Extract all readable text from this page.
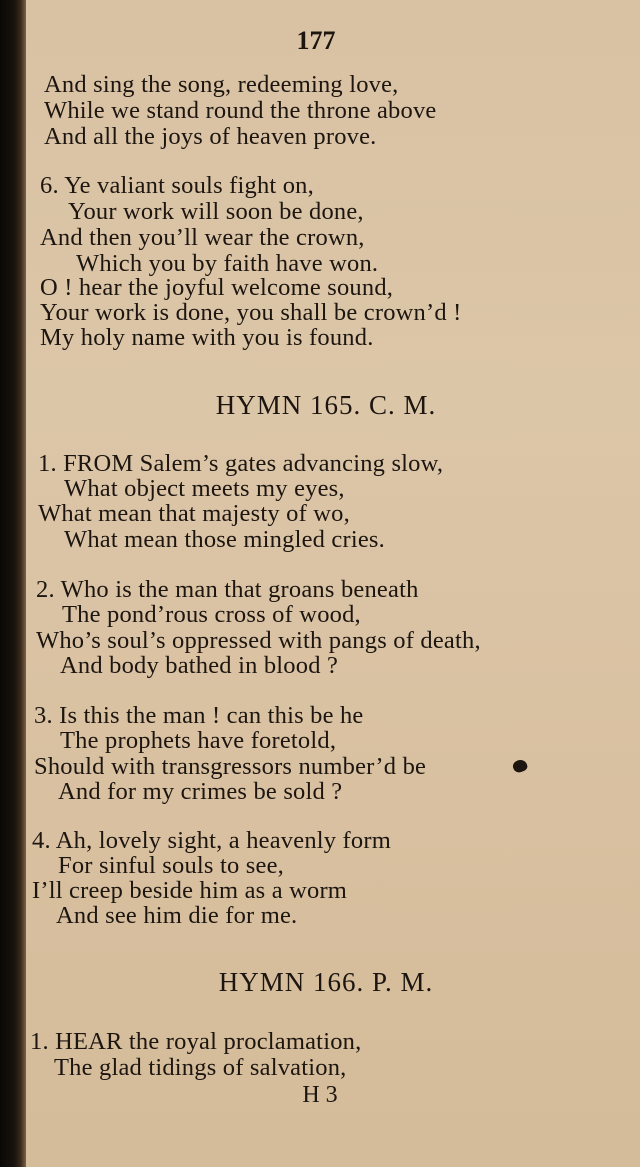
177
And sing the song, redeeming love,
While we stand round the throne above
And all the joys of heaven prove.
6. Ye valiant souls fight on,
Your work will soon be done,
And then you’ll wear the crown,
Which you by faith have won.
O ! hear the joyful welcome sound,
Your work is done, you shall be crown’d !
My holy name with you is found.
HYMN 165. C. M.
1. FROM Salem’s gates advancing slow,
What object meets my eyes,
What mean that majesty of wo,
What mean those mingled cries.
2. Who is the man that groans beneath
The pond’rous cross of wood,
Who’s soul’s oppressed with pangs of death,
And body bathed in blood ?
3. Is this the man ! can this be he
The prophets have foretold,
Should with transgressors number’d be
And for my crimes be sold ?
4. Ah, lovely sight, a heavenly form
For sinful souls to see,
I’ll creep beside him as a worm
And see him die for me.
HYMN 166. P. M.
1. HEAR the royal proclamation,
The glad tidings of salvation,
H 3
